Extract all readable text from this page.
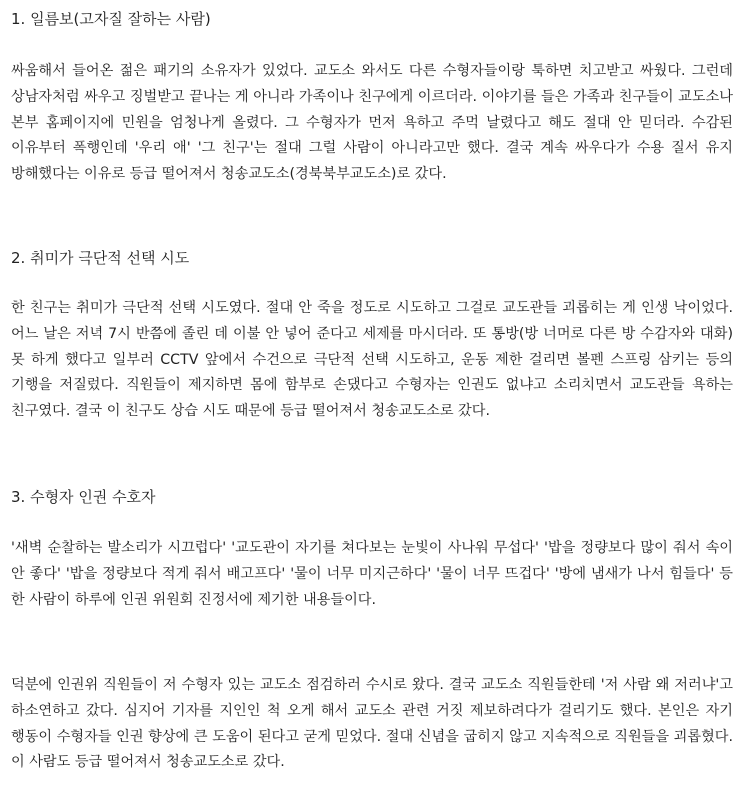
1. 일름보(고자질 잘하는 사람)

싸움해서 들어온 젊은 패기의 소유자가 있었다. 교도소 와서도 다른 수형자들이랑 툭하면 치고받고 싸웠다. 그런데 상남자처럼 싸우고 징벌받고 끝나는 게 아니라 가족이나 친구에게 이르더라. 이야기를 들은 가족과 친구들이 교도소나 본부 홈페이지에 민원을 엄청나게 올렸다. 그 수형자가 먼저 욕하고 주먹 날렸다고 해도 절대 안 믿더라. 수감된 이유부터 폭행인데 '우리 애' '그 친구'는 절대 그럴 사람이 아니라고만 했다. 결국 계속 싸우다가 수용 질서 유지 방해했다는 이유로 등급 떨어져서 청송교도소(경북북부교도소)로 갔다.

2. 취미가 극단적 선택 시도

한 친구는 취미가 극단적 선택 시도였다. 절대 안 죽을 정도로 시도하고 그걸로 교도관들 괴롭히는 게 인생 낙이었다. 어느 날은 저녁 7시 반쯤에 졸린 데 이불 안 넣어 준다고 세제를 마시더라. 또 통방(방 너머로 다른 방 수감자와 대화) 못 하게 했다고 일부러 CCTV 앞에서 수건으로 극단적 선택 시도하고, 운동 제한 걸리면 볼펜 스프링 삼키는 등의 기행을 저질렀다. 직원들이 제지하면 몸에 함부로 손댔다고 수형자는 인권도 없냐고 소리치면서 교도관들 욕하는 친구였다. 결국 이 친구도 상습 시도 때문에 등급 떨어져서 청송교도소로 갔다.

3. 수형자 인권 수호자

'새벽 순찰하는 발소리가 시끄럽다' '교도관이 자기를 쳐다보는 눈빛이 사나워 무섭다' '밥을 정량보다 많이 줘서 속이 안 좋다' '밥을 정량보다 적게 줘서 배고프다' '물이 너무 미지근하다' '물이 너무 뜨겁다' '방에 냄새가 나서 힘들다' 등 한 사람이 하루에 인권 위원회 진정서에 제기한 내용들이다.

덕분에 인권위 직원들이 저 수형자 있는 교도소 점검하러 수시로 왔다. 결국 교도소 직원들한테 '저 사람 왜 저러냐'고 하소연하고 갔다. 심지어 기자를 지인인 척 오게 해서 교도소 관련 거짓 제보하려다가 걸리기도 했다. 본인은 자기 행동이 수형자들 인권 향상에 큰 도움이 된다고 굳게 믿었다. 절대 신념을 굽히지 않고 지속적으로 직원들을 괴롭혔다. 이 사람도 등급 떨어져서 청송교도소로 갔다.
